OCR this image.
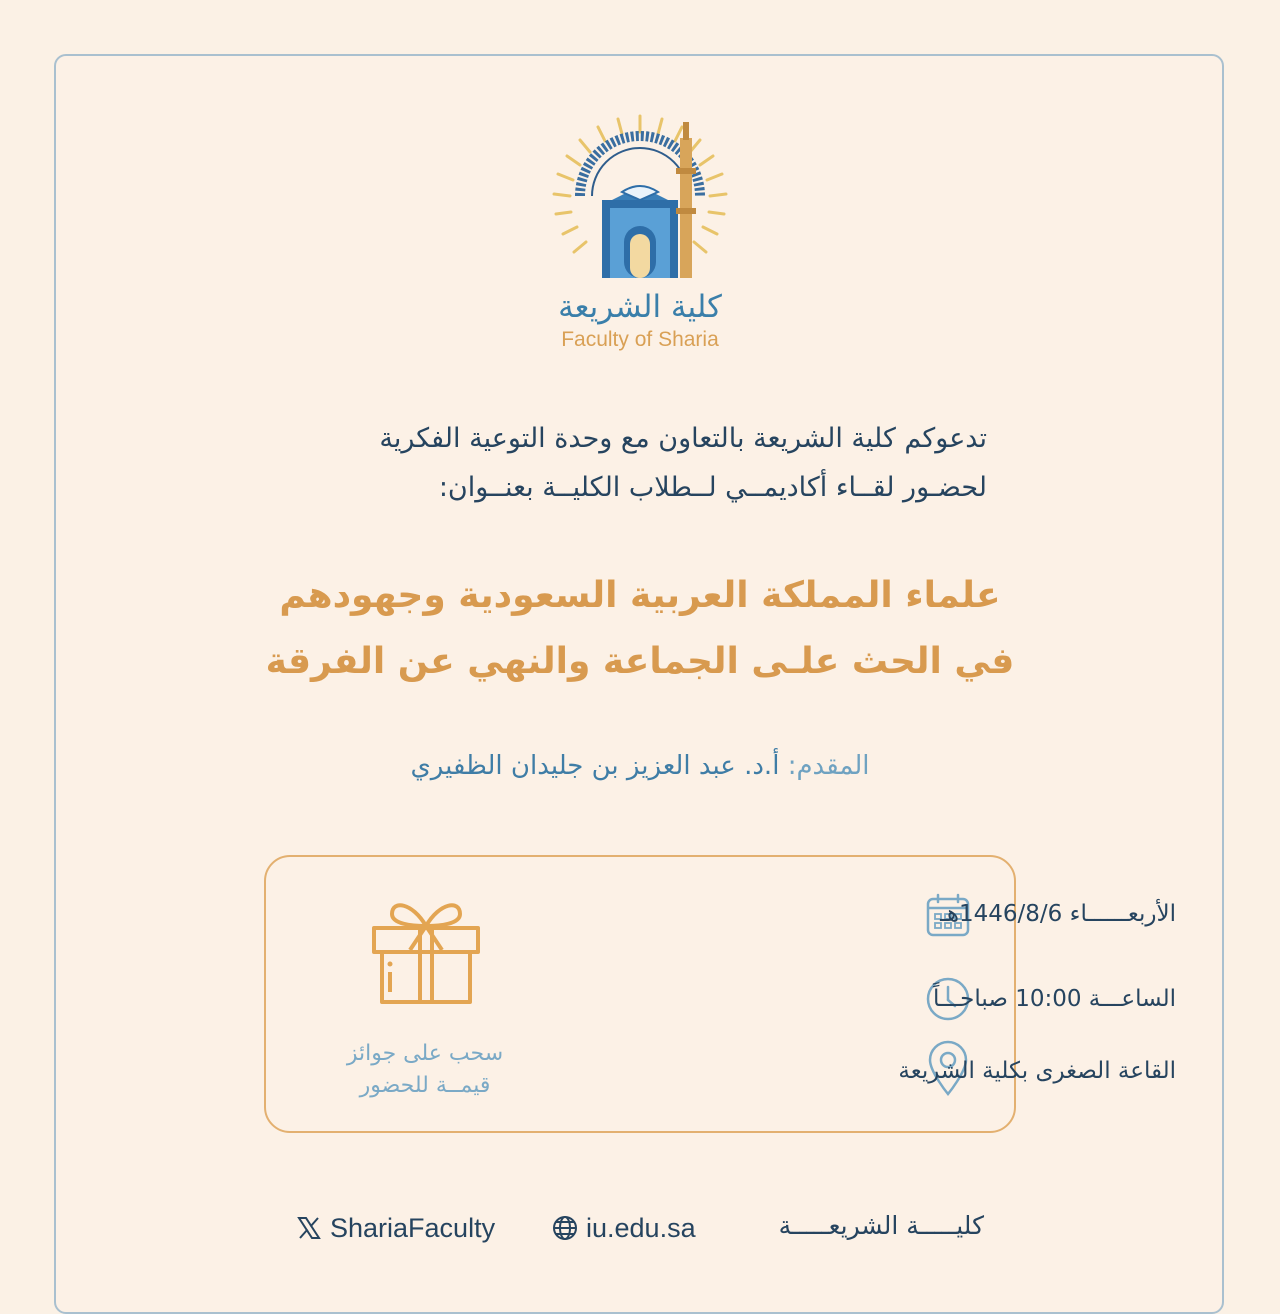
كلية الشريعة
Faculty of Sharia
تدعوكم كلية الشريعة بالتعاون مع وحدة التوعية الفكرية
لحضـور لقــاء أكاديمــي لــطلاب الكليــة بعنــوان:
علماء المملكة العربية السعودية وجهودهم
في الحث علـى الجماعة والنهي عن الفرقة
المقدم: أ.د. عبد العزيز بن جليدان الظفيري
الأربعــــــاء 1446/8/6هـ
الساعـــة 10:00 صباحـــاً
القاعة الصغرى بكلية الشريعة
سحب على جوائز
قيمــة للحضور
كليـــــة الشريعـــــة
iu.edu.sa
ShariaFaculty
